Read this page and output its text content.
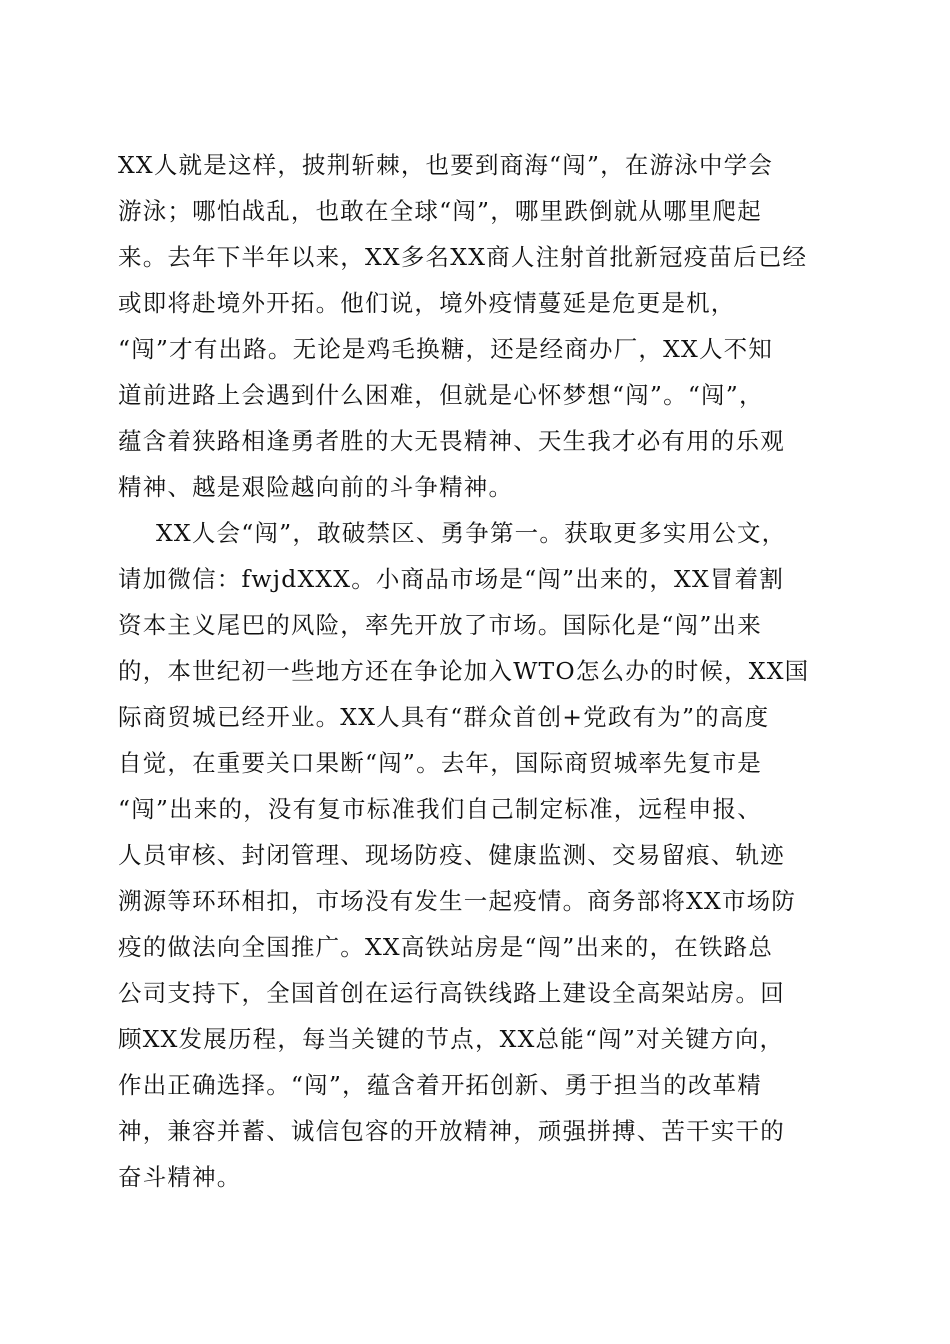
XX人就是这样，披荆斩棘，也要到商海“闯”，在游泳中学会
游泳；哪怕战乱，也敢在全球“闯”，哪里跌倒就从哪里爬起
来。去年下半年以来，XX多名XX商人注射首批新冠疫苗后已经
或即将赴境外开拓。他们说，境外疫情蔓延是危更是机，
“闯”才有出路。无论是鸡毛换糖，还是经商办厂，XX人不知
道前进路上会遇到什么困难，但就是心怀梦想“闯”。“闯”，
蕴含着狭路相逢勇者胜的大无畏精神、天生我才必有用的乐观
精神、越是艰险越向前的斗争精神。
XX人会“闯”，敢破禁区、勇争第一。获取更多实用公文，
请加微信：fwjdXXX。小商品市场是“闯”出来的，XX冒着割
资本主义尾巴的风险，率先开放了市场。国际化是“闯”出来
的，本世纪初一些地方还在争论加入WTO怎么办的时候，XX国
际商贸城已经开业。XX人具有“群众首创+党政有为”的高度
自觉，在重要关口果断“闯”。去年，国际商贸城率先复市是
“闯”出来的，没有复市标准我们自己制定标准，远程申报、
人员审核、封闭管理、现场防疫、健康监测、交易留痕、轨迹
溯源等环环相扣，市场没有发生一起疫情。商务部将XX市场防
疫的做法向全国推广。XX高铁站房是“闯”出来的，在铁路总
公司支持下，全国首创在运行高铁线路上建设全高架站房。回
顾XX发展历程，每当关键的节点，XX总能“闯”对关键方向，
作出正确选择。“闯”，蕴含着开拓创新、勇于担当的改革精
神，兼容并蓄、诚信包容的开放精神，顽强拼搏、苦干实干的
奋斗精神。
